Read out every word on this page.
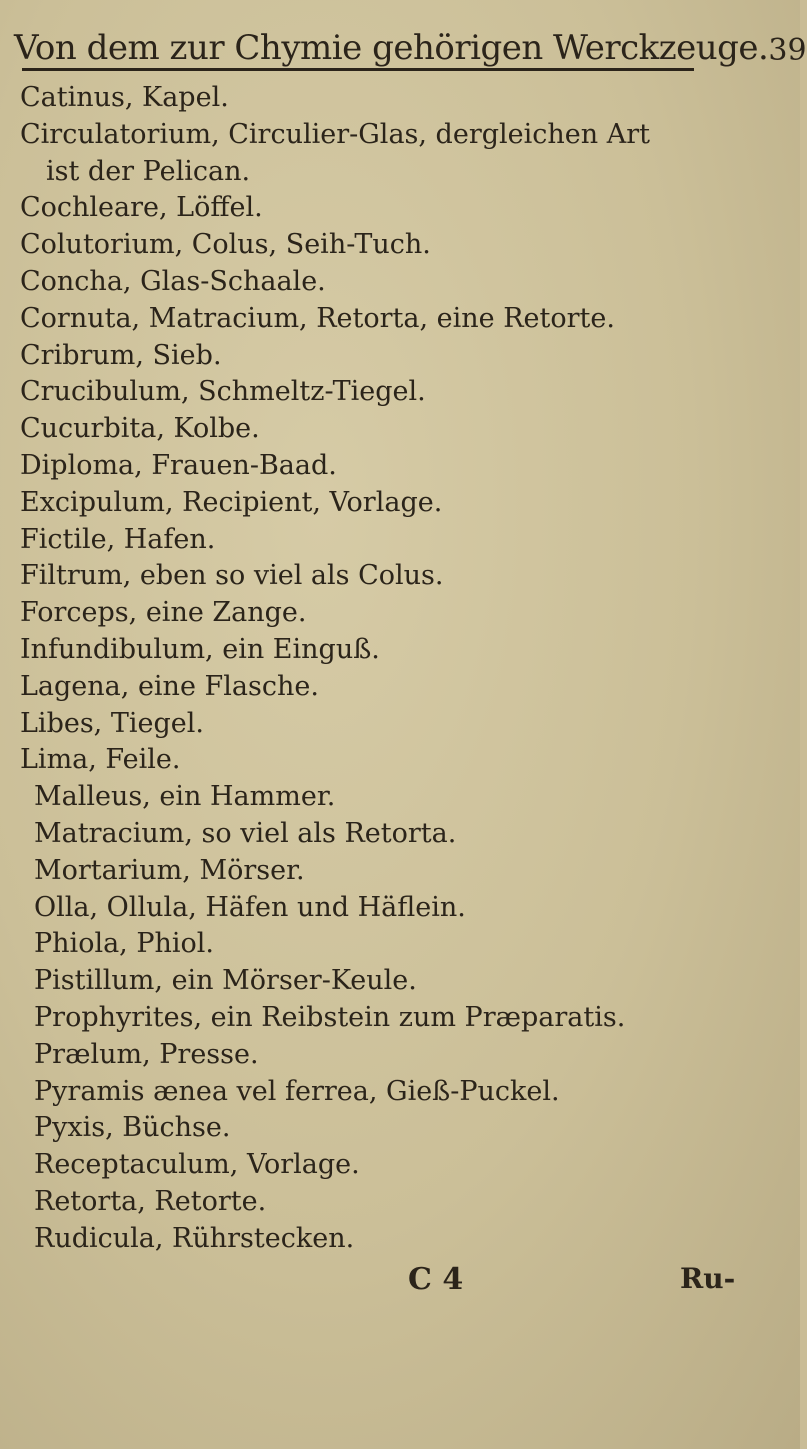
Von dem zur Chymie gehörigen Werckzeuge. 39
Catinus, Kapel.
Circulatorium, Circulier-Glas, dergleichen Art
ist der Pelican.
Cochleare, Löffel.
Colutorium, Colus, Seih-Tuch.
Concha, Glas-Schaale.
Cornuta, Matracium, Retorta, eine Retorte.
Cribrum, Sieb.
Crucibulum, Schmeltz-Tiegel.
Cucurbita, Kolbe.
Diploma, Frauen-Baad.
Excipulum, Recipient, Vorlage.
Fictile, Hafen.
Filtrum, eben so viel als Colus.
Forceps, eine Zange.
Infundibulum, ein Einguß.
Lagena, eine Flasche.
Libes, Tiegel.
Lima, Feile.
Malleus, ein Hammer.
Matracium, so viel als Retorta.
Mortarium, Mörser.
Olla, Ollula, Häfen und Häflein.
Phiola, Phiol.
Pistillum, ein Mörser-Keule.
Prophyrites, ein Reibstein zum Præparatis.
Prælum, Presse.
Pyramis ænea vel ferrea, Gieß-Puckel.
Pyxis, Büchse.
Receptaculum, Vorlage.
Retorta, Retorte.
Rudicula, Rührstecken.
C 4	Ru-
